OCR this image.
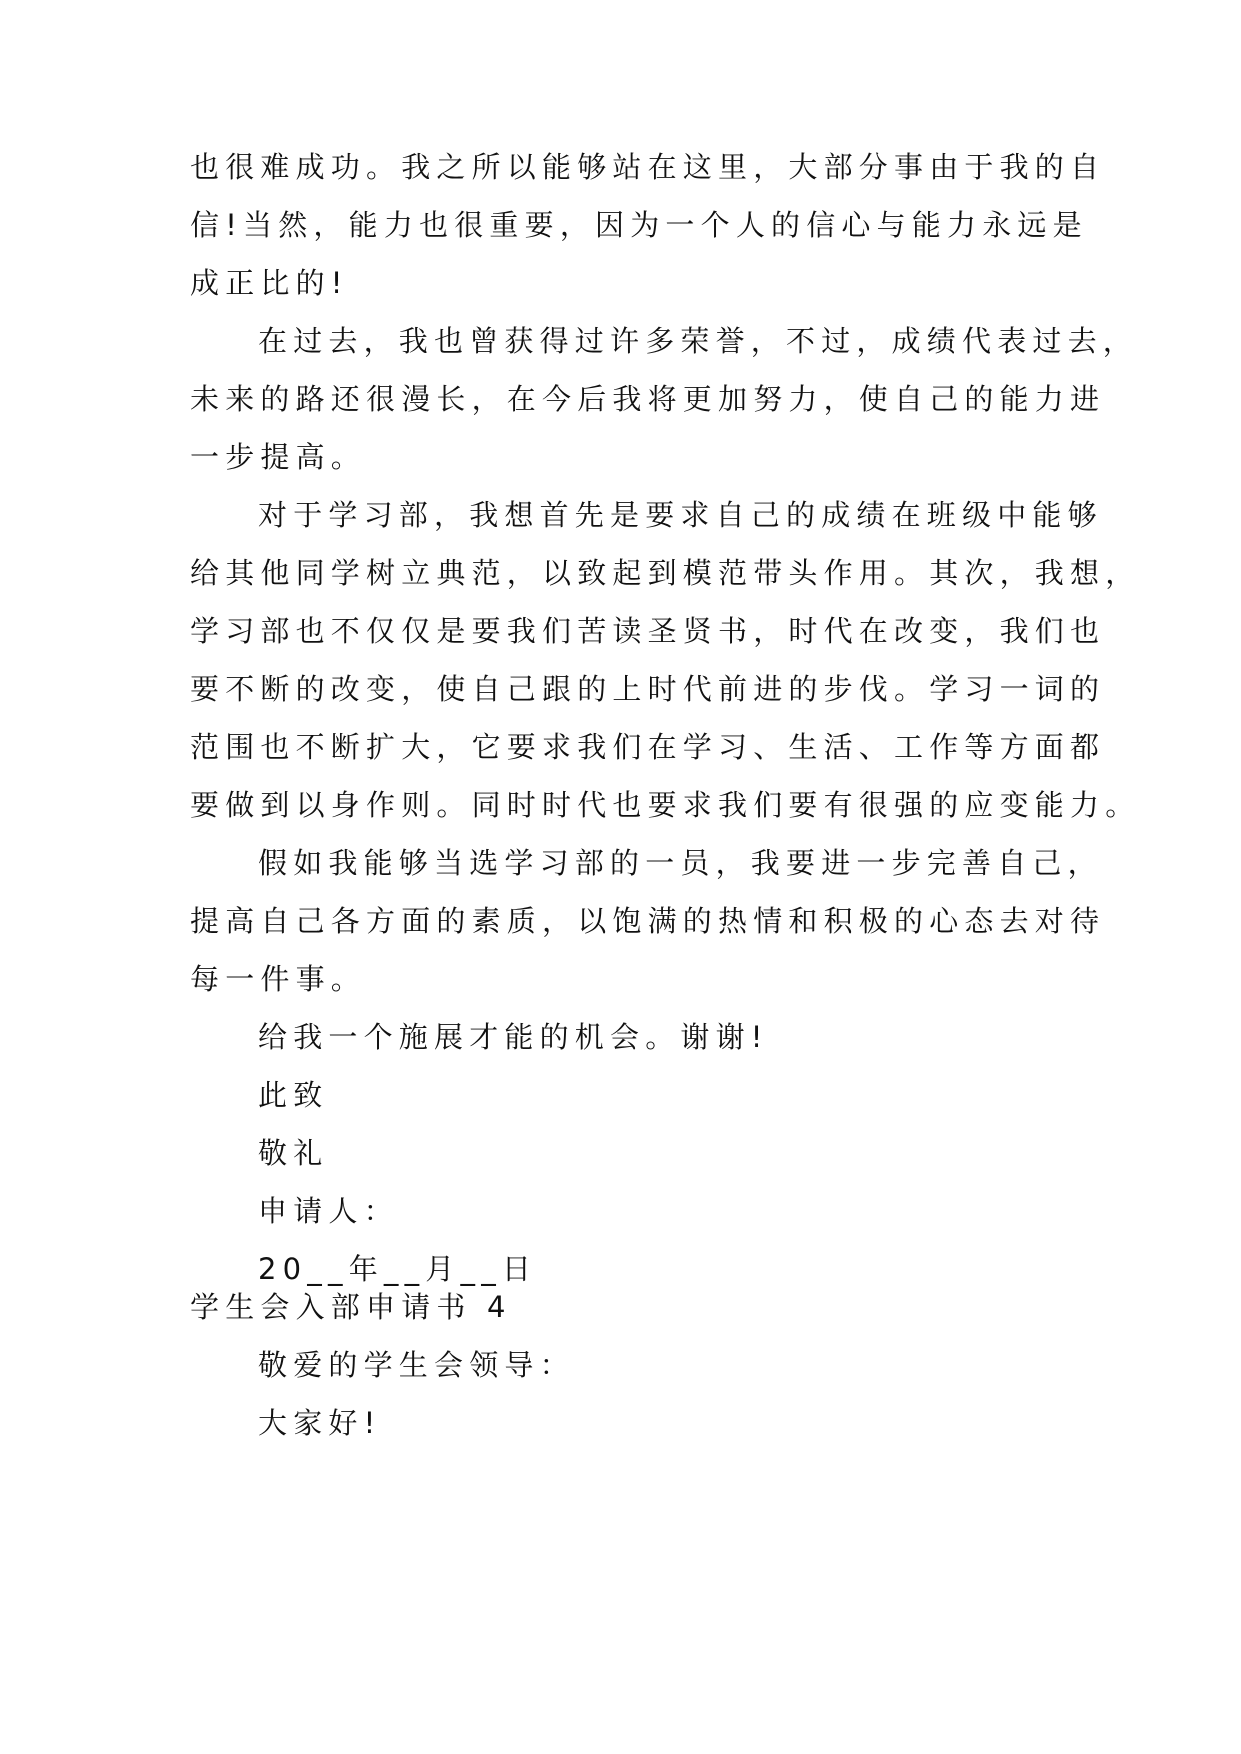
也很难成功。我之所以能够站在这里，大部分事由于我的自
信!当然，能力也很重要，因为一个人的信心与能力永远是
成正比的!
在过去，我也曾获得过许多荣誉，不过，成绩代表过去，
未来的路还很漫长，在今后我将更加努力，使自己的能力进
一步提高。
对于学习部，我想首先是要求自己的成绩在班级中能够
给其他同学树立典范，以致起到模范带头作用。其次，我想，
学习部也不仅仅是要我们苦读圣贤书，时代在改变，我们也
要不断的改变，使自己跟的上时代前进的步伐。学习一词的
范围也不断扩大，它要求我们在学习、生活、工作等方面都
要做到以身作则。同时时代也要求我们要有很强的应变能力。
假如我能够当选学习部的一员，我要进一步完善自己，
提高自己各方面的素质，以饱满的热情和积极的心态去对待
每一件事。
给我一个施展才能的机会。谢谢!
此致
敬礼
申请人：
20__年__月__日
学生会入部申请书 4
敬爱的学生会领导：
大家好!
